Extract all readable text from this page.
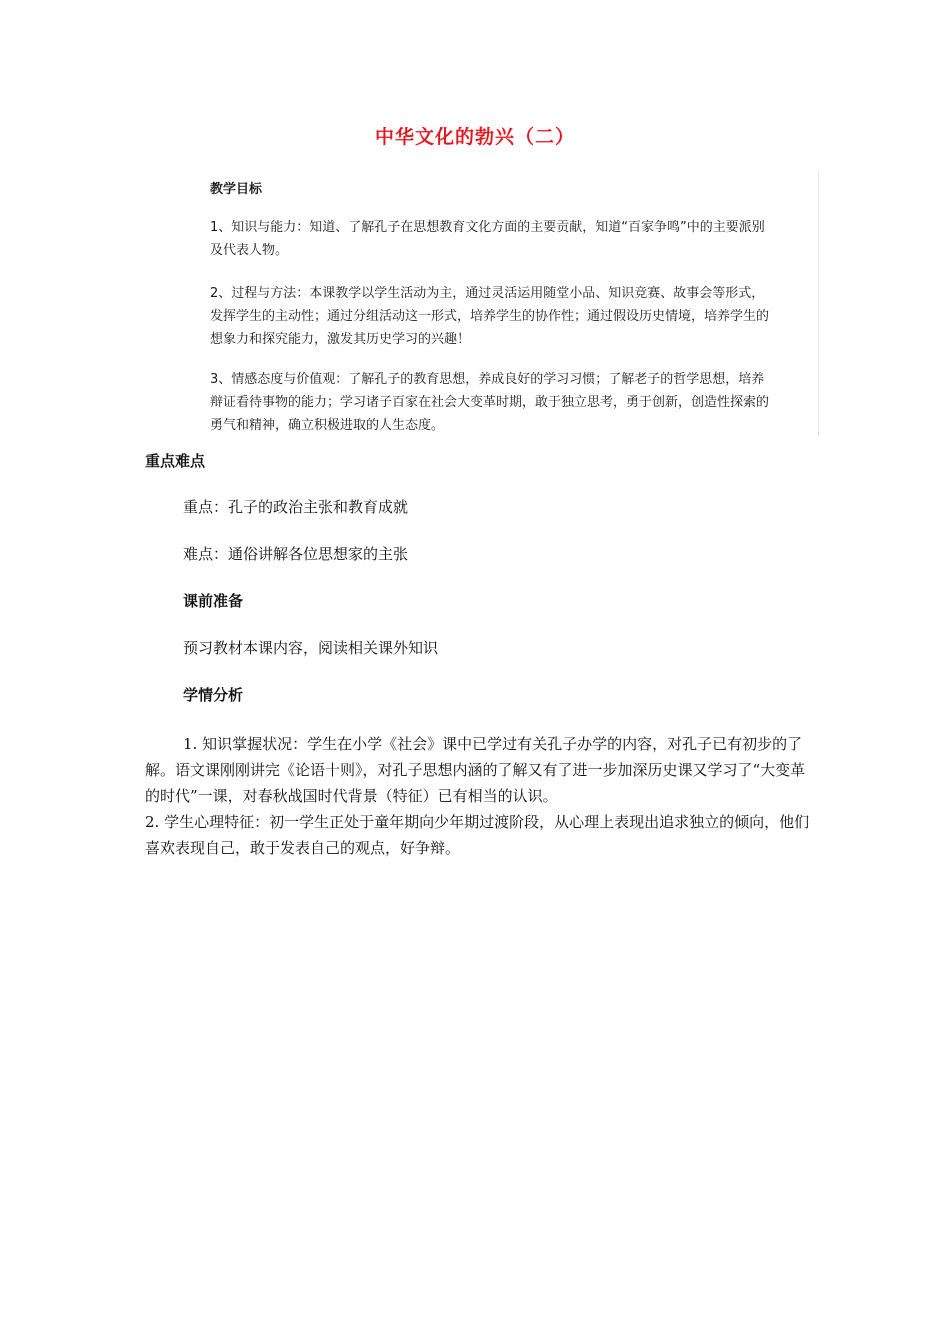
中华文化的勃兴（二）
教学目标
1、知识与能力：知道、了解孔子在思想教育文化方面的主要贡献，知道“百家争鸣”中的主要派别及代表人物。
2、过程与方法：本课教学以学生活动为主，通过灵活运用随堂小品、知识竞赛、故事会等形式，发挥学生的主动性；通过分组活动这一形式，培养学生的协作性；通过假设历史情境，培养学生的想象力和探究能力，激发其历史学习的兴趣！
3、情感态度与价值观：了解孔子的教育思想，养成良好的学习习惯；了解老子的哲学思想，培养辩证看待事物的能力；学习诸子百家在社会大变革时期，敢于独立思考，勇于创新，创造性探索的勇气和精神，确立积极进取的人生态度。
重点难点
重点：孔子的政治主张和教育成就
难点：通俗讲解各位思想家的主张
课前准备
预习教材本课内容，阅读相关课外知识
学情分析

1. 知识掌握状况：学生在小学《社会》课中已学过有关孔子办学的内容，对孔子已有初步的了解。语文课刚刚讲完《论语十则》，对孔子思想内涵的了解又有了进一步加深历史课又学习了“大变革的时代”一课，对春秋战国时代背景（特征）已有相当的认识。

2. 学生心理特征：初一学生正处于童年期向少年期过渡阶段，从心理上表现出追求独立的倾向，他们喜欢表现自己，敢于发表自己的观点，好争辩。
